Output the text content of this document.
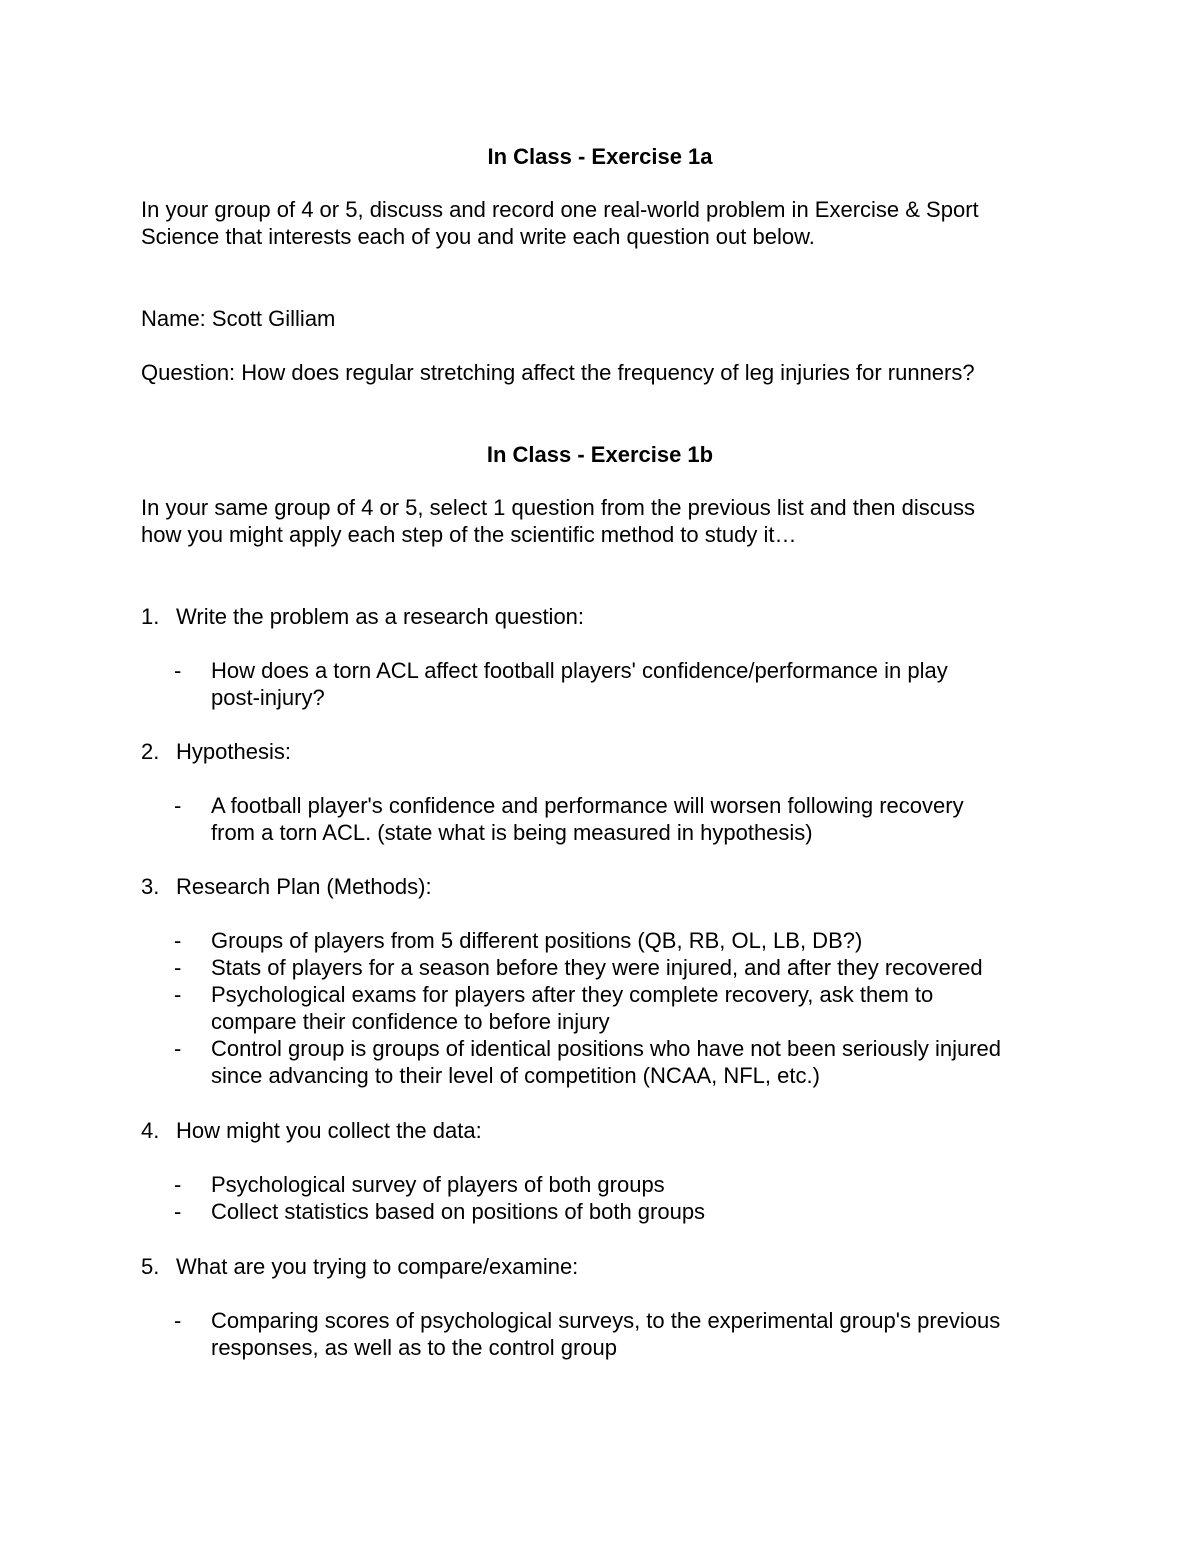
In Class - Exercise 1a
In your group of 4 or 5, discuss and record one real-world problem in Exercise & Sport
Science that interests each of you and write each question out below.
Name: Scott Gilliam
Question: How does regular stretching affect the frequency of leg injuries for runners?
In Class - Exercise 1b
In your same group of 4 or 5, select 1 question from the previous list and then discuss
how you might apply each step of the scientific method to study it…
1. Write the problem as a research question:
-	How does a torn ACL affect football players' confidence/performance in play
post-injury?
2. Hypothesis:
-	A football player's confidence and performance will worsen following recovery
from a torn ACL. (state what is being measured in hypothesis)
3. Research Plan (Methods):
-	Groups of players from 5 different positions (QB, RB, OL, LB, DB?)
-	Stats of players for a season before they were injured, and after they recovered
-	Psychological exams for players after they complete recovery, ask them to
compare their confidence to before injury
-	Control group is groups of identical positions who have not been seriously injured
since advancing to their level of competition (NCAA, NFL, etc.)
4. How might you collect the data:
-	Psychological survey of players of both groups
-	Collect statistics based on positions of both groups
5. What are you trying to compare/examine:
-	Comparing scores of psychological surveys, to the experimental group's previous
responses, as well as to the control group
